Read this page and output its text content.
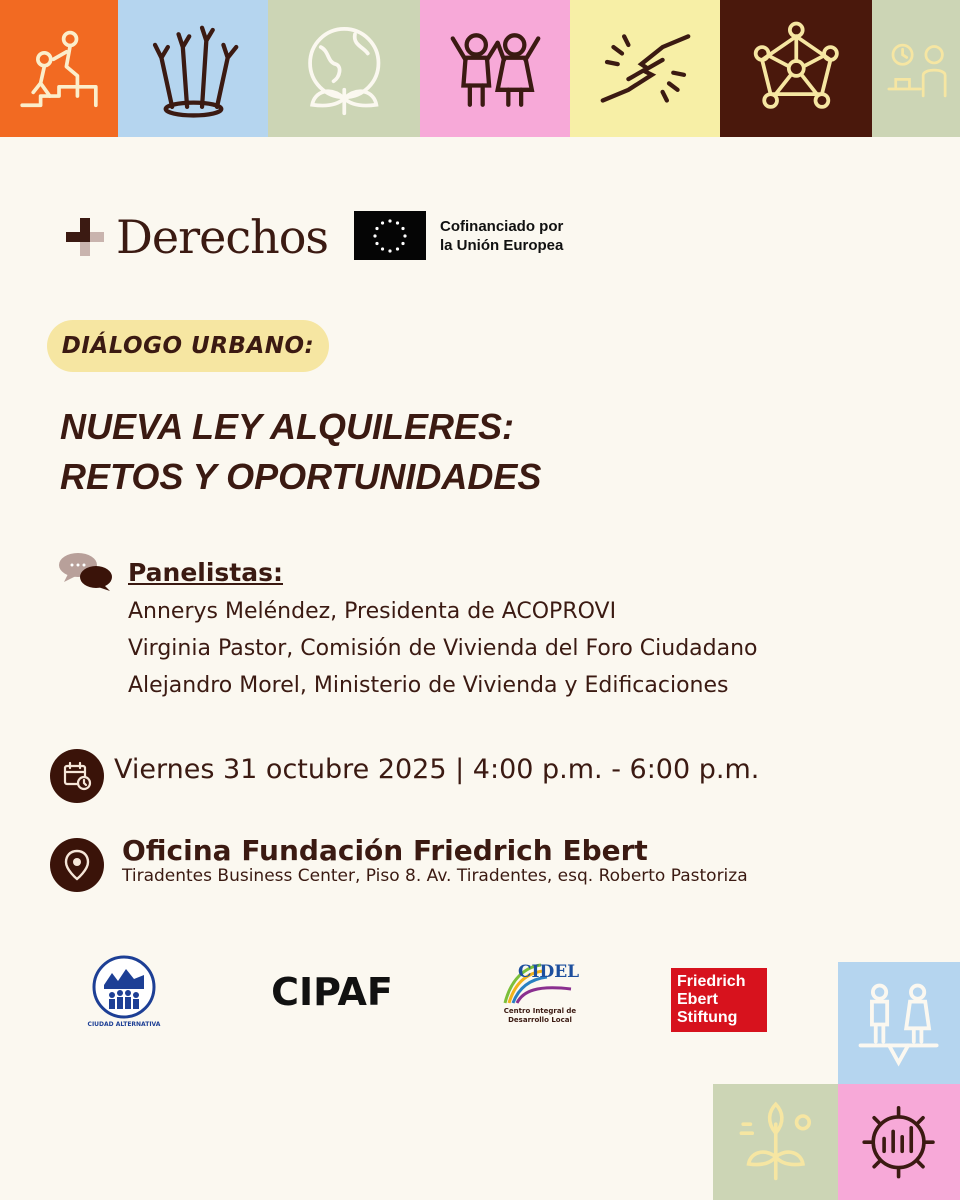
Derechos	Cofinanciado por
la Unión Europea
DIÁLOGO URBANO:
NUEVA LEY ALQUILERES:
RETOS Y OPORTUNIDADES
Panelistas:
Annerys Meléndez, Presidenta de ACOPROVI
Virginia Pastor, Comisión de Vivienda del Foro Ciudadano
Alejandro Morel, Ministerio de Vivienda y Edificaciones
Viernes 31 octubre 2025 | 4:00 p.m. - 6:00 p.m.
Oficina Fundación Friedrich Ebert
Tiradentes Business Center, Piso 8. Av. Tiradentes, esq. Roberto Pastoriza
CIUDAD ALTERNATIVA
CIPAF	CIDEL
Centro Integral de Desarrollo Local
Friedrich
Ebert
Stiftung
